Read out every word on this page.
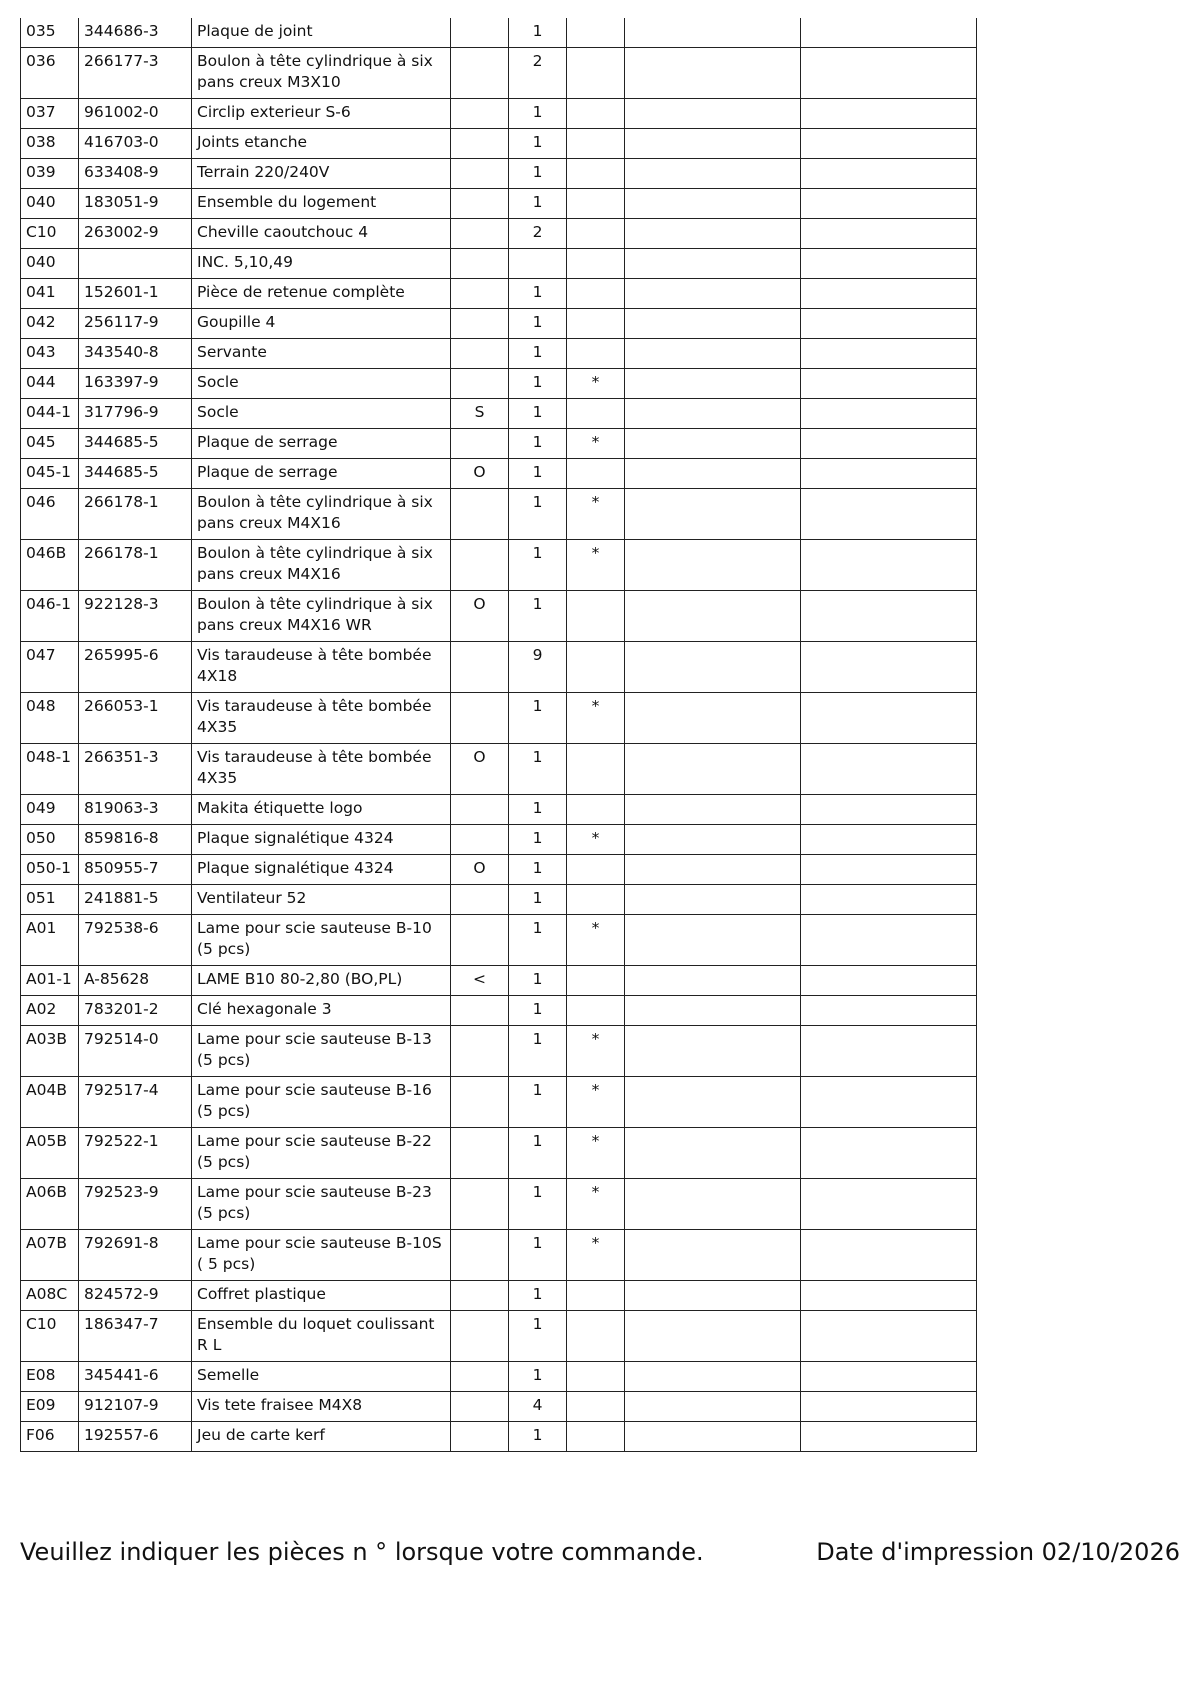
035	344686-3	Plaque de joint		1			
036	266177-3	Boulon à tête cylindrique à six pans creux M3X10		2			
037	961002-0	Circlip exterieur S-6		1			
038	416703-0	Joints etanche		1			
039	633408-9	Terrain 220/240V		1			
040	183051-9	Ensemble du logement		1			
C10	263002-9	Cheville caoutchouc 4		2			
040		INC. 5,10,49					
041	152601-1	Pièce de retenue complète		1			
042	256117-9	Goupille 4		1			
043	343540-8	Servante		1			
044	163397-9	Socle		1	*		
044-1	317796-9	Socle	S	1			
045	344685-5	Plaque de serrage		1	*		
045-1	344685-5	Plaque de serrage	O	1			
046	266178-1	Boulon à tête cylindrique à six pans creux M4X16		1	*		
046B	266178-1	Boulon à tête cylindrique à six pans creux M4X16		1	*		
046-1	922128-3	Boulon à tête cylindrique à six pans creux M4X16 WR	O	1			
047	265995-6	Vis taraudeuse à tête bombée 4X18		9			
048	266053-1	Vis taraudeuse à tête bombée 4X35		1	*		
048-1	266351-3	Vis taraudeuse à tête bombée 4X35	O	1			
049	819063-3	Makita étiquette logo		1			
050	859816-8	Plaque signalétique 4324		1	*		
050-1	850955-7	Plaque signalétique 4324	O	1			
051	241881-5	Ventilateur 52		1			
A01	792538-6	Lame pour scie sauteuse B-10 (5 pcs)		1	*		
A01-1	A-85628	LAME B10 80-2,80 (BO,PL)	<	1			
A02	783201-2	Clé hexagonale 3		1			
A03B	792514-0	Lame pour scie sauteuse B-13 (5 pcs)		1	*		
A04B	792517-4	Lame pour scie sauteuse B-16 (5 pcs)		1	*		
A05B	792522-1	Lame pour scie sauteuse B-22 (5 pcs)		1	*		
A06B	792523-9	Lame pour scie sauteuse B-23 (5 pcs)		1	*		
A07B	792691-8	Lame pour scie sauteuse B-10S ( 5 pcs)		1	*		
A08C	824572-9	Coffret plastique		1			
C10	186347-7	Ensemble du loquet coulissant R L		1			
E08	345441-6	Semelle		1			
E09	912107-9	Vis tete fraisee M4X8		4			
F06	192557-6	Jeu de carte kerf		1			
Veuillez indiquer les pièces n ° lorsque votre commande.	Date d'impression 02/10/2026
